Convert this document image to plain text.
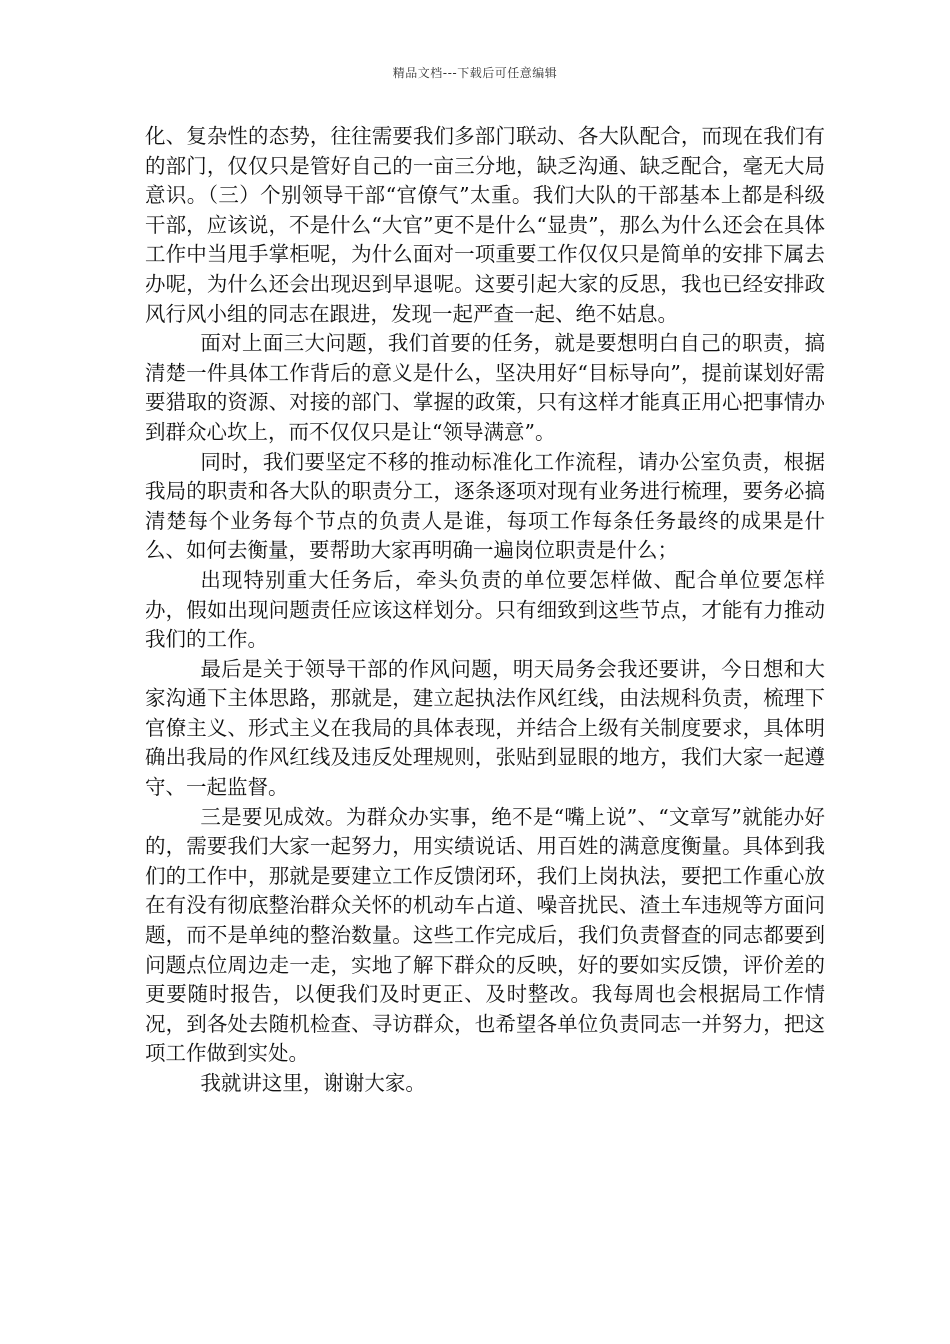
精品文档---下载后可任意编辑

化、复杂性的态势，往往需要我们多部门联动、各大队配合，而现在我们有的部门，仅仅只是管好自己的一亩三分地，缺乏沟通、缺乏配合，毫无大局意识。（三）个别领导干部“官僚气”太重。我们大队的干部基本上都是科级干部，应该说，不是什么“大官”更不是什么“显贵”，那么为什么还会在具体工作中当甩手掌柜呢，为什么面对一项重要工作仅仅只是简单的安排下属去办呢，为什么还会出现迟到早退呢。这要引起大家的反思，我也已经安排政风行风小组的同志在跟进，发现一起严查一起、绝不姑息。

面对上面三大问题，我们首要的任务，就是要想明白自己的职责，搞清楚一件具体工作背后的意义是什么，坚决用好“目标导向”，提前谋划好需要猎取的资源、对接的部门、掌握的政策，只有这样才能真正用心把事情办到群众心坎上，而不仅仅只是让“领导满意”。

同时，我们要坚定不移的推动标准化工作流程，请办公室负责，根据我局的职责和各大队的职责分工，逐条逐项对现有业务进行梳理，要务必搞清楚每个业务每个节点的负责人是谁，每项工作每条任务最终的成果是什么、如何去衡量，要帮助大家再明确一遍岗位职责是什么；

出现特别重大任务后，牵头负责的单位要怎样做、配合单位要怎样办，假如出现问题责任应该这样划分。只有细致到这些节点，才能有力推动我们的工作。

最后是关于领导干部的作风问题，明天局务会我还要讲，今日想和大家沟通下主体思路，那就是，建立起执法作风红线，由法规科负责，梳理下官僚主义、形式主义在我局的具体表现，并结合上级有关制度要求，具体明确出我局的作风红线及违反处理规则，张贴到显眼的地方，我们大家一起遵守、一起监督。

三是要见成效。为群众办实事，绝不是“嘴上说”、“文章写”就能办好的，需要我们大家一起努力，用实绩说话、用百姓的满意度衡量。具体到我们的工作中，那就是要建立工作反馈闭环，我们上岗执法，要把工作重心放在有没有彻底整治群众关怀的机动车占道、噪音扰民、渣土车违规等方面问题，而不是单纯的整治数量。这些工作完成后，我们负责督查的同志都要到问题点位周边走一走，实地了解下群众的反映，好的要如实反馈，评价差的更要随时报告，以便我们及时更正、及时整改。我每周也会根据局工作情况，到各处去随机检查、寻访群众，也希望各单位负责同志一并努力，把这项工作做到实处。

我就讲这里，谢谢大家。
